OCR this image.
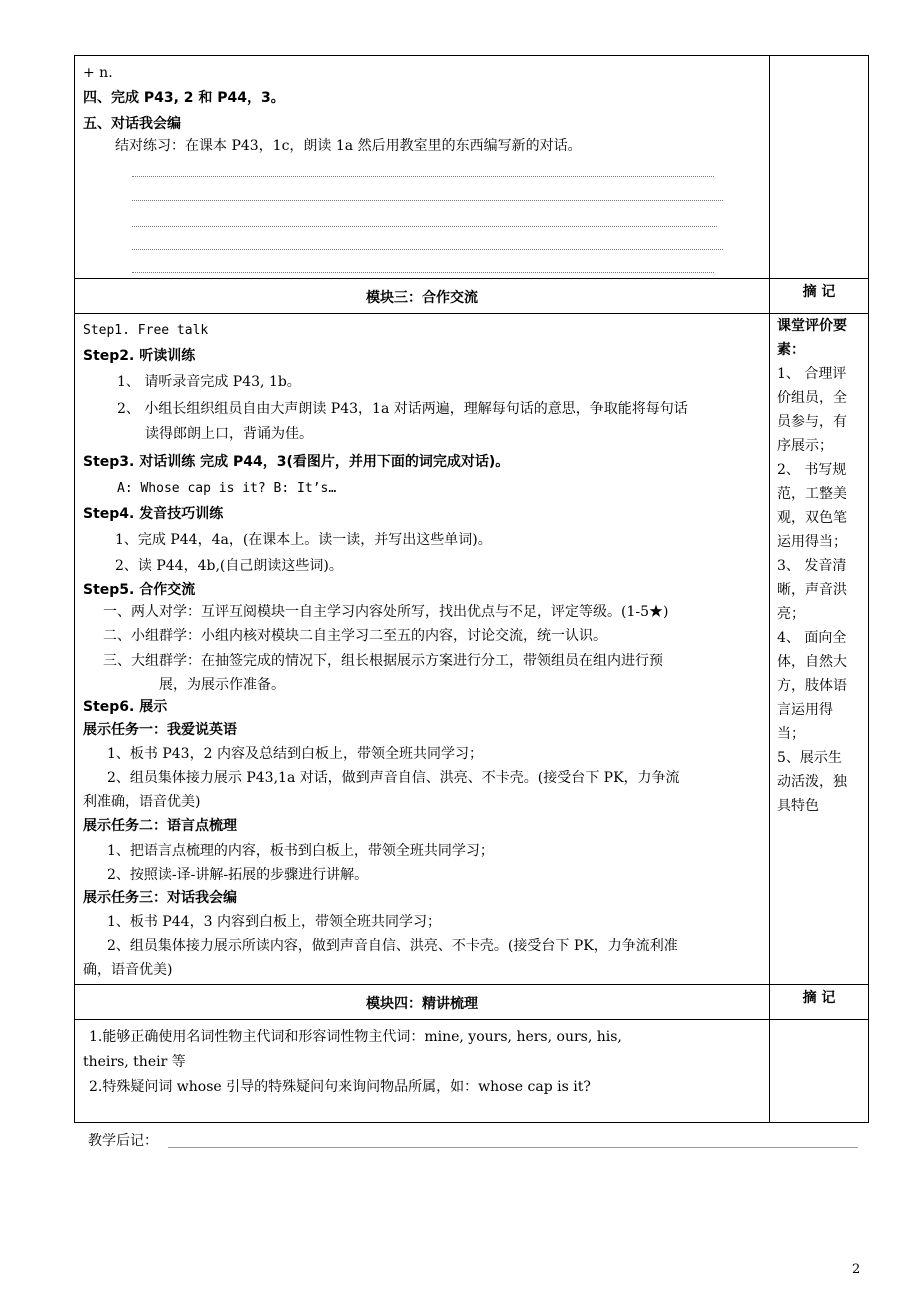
+ n.
四、完成 P43, 2 和 P44，3。
五、对话我会编
结对练习：在课本 P43，1c，朗读 1a 然后用教室里的东西编写新的对话。
模块三：合作交流	摘 记
Step1. Free talk
Step2. 听读训练
1、 请听录音完成 P43, 1b。
2、 小组长组织组员自由大声朗读 P43，1a 对话两遍，理解每句话的意思，争取能将每句话
读得郎朗上口，背诵为佳。
Step3. 对话训练 完成 P44，3(看图片，并用下面的词完成对话)。
A: Whose cap is it? B: It’s…
Step4. 发音技巧训练
1、完成 P44，4a，(在课本上。读一读，并写出这些单词)。
2、读 P44，4b,(自己朗读这些词)。
Step5. 合作交流
一、两人对学：互评互阅模块一自主学习内容处所写，找出优点与不足，评定等级。(1-5★)
二、小组群学：小组内核对模块二自主学习二至五的内容，讨论交流，统一认识。
三、大组群学：在抽签完成的情况下，组长根据展示方案进行分工，带领组员在组内进行预
展，为展示作准备。
Step6. 展示
展示任务一：我爱说英语
1、板书 P43，2 内容及总结到白板上，带领全班共同学习；
2、组员集体接力展示 P43,1a 对话，做到声音自信、洪亮、不卡壳。(接受台下 PK，力争流
利准确，语音优美)
展示任务二：语言点梳理
1、把语言点梳理的内容，板书到白板上，带领全班共同学习；
2、按照读-译-讲解-拓展的步骤进行讲解。
展示任务三：对话我会编
1、板书 P44，3 内容到白板上，带领全班共同学习；
2、组员集体接力展示所读内容，做到声音自信、洪亮、不卡壳。(接受台下 PK，力争流利准
确，语音优美)

课堂评价要

素：

1、 合理评

价组员，全

员参与，有

序展示；

2、 书写规

范，工整美

观，双色笔

运用得当；

3、 发音清

晰，声音洪

亮；

4、 面向全

体，自然大

方，肢体语

言运用得

当；

5、展示生

动活泼，独

具特色

模块四：精讲梳理	摘 记
1.能够正确使用名词性物主代词和形容词性物主代词：mine, yours, hers, ours, his,
theirs, their 等
2.特殊疑问词 whose 引导的特殊疑问句来询问物品所属，如：whose cap is it?
教学后记：
2
